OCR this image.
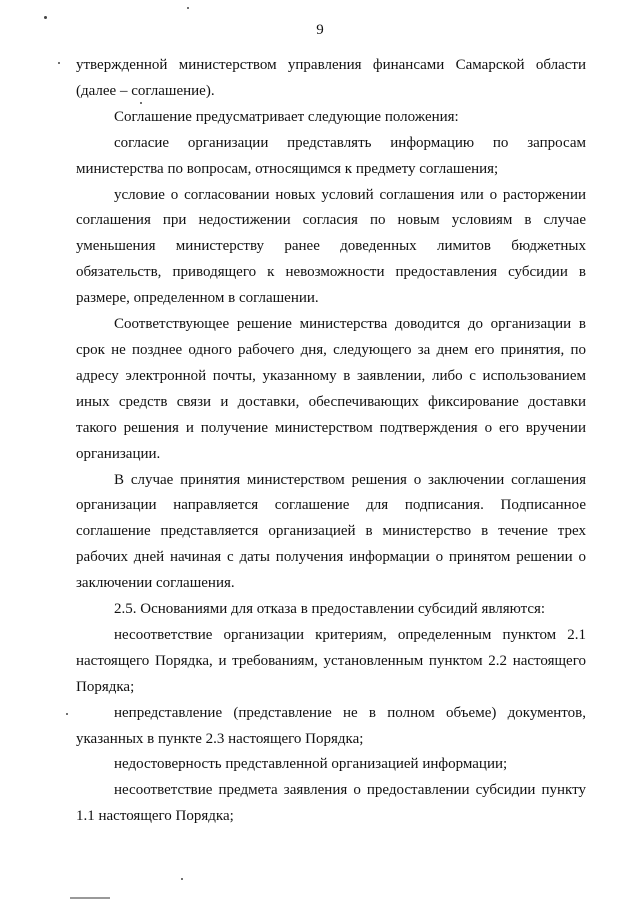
9

утвержденной министерством управления финансами Самарской области (далее – соглашение).

Соглашение предусматривает следующие положения:

согласие организации представлять информацию по запросам министерства по вопросам, относящимся к предмету соглашения;

условие о согласовании новых условий соглашения или о расторжении соглашения при недостижении согласия по новым условиям в случае уменьшения министерству ранее доведенных лимитов бюджетных обязательств, приводящего к невозможности предоставления субсидии в размере, определенном в соглашении.

Соответствующее решение министерства доводится до организации в срок не позднее одного рабочего дня, следующего за днем его принятия, по адресу электронной почты, указанному в заявлении, либо с использованием иных средств связи и доставки, обеспечивающих фиксирование доставки такого решения и получение министерством подтверждения о его вручении организации.

В случае принятия министерством решения о заключении соглашения организации направляется соглашение для подписания. Подписанное соглашение представляется организацией в министерство в течение трех рабочих дней начиная с даты получения информации о принятом решении о заключении соглашения.

2.5. Основаниями для отказа в предоставлении субсидий являются:

несоответствие организации критериям, определенным пунктом 2.1 настоящего Порядка, и требованиям, установленным пунктом 2.2 настоящего Порядка;

непредставление (представление не в полном объеме) документов, указанных в пункте 2.3 настоящего Порядка;

недостоверность представленной организацией информации;

несоответствие предмета заявления о предоставлении субсидии пункту 1.1 настоящего Порядка;
